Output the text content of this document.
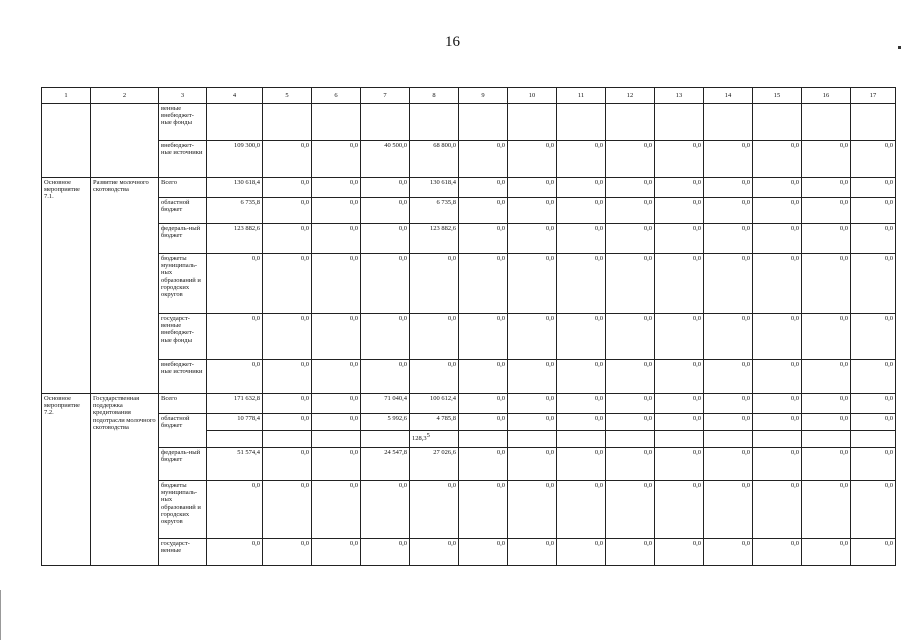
16
1	2	3	4	5	6	7	8	9	10	11	12	13	14	15	16	17
		венные внебюджет-ные фонды														
		внебюджет-ные источники	109 300,0	0,0	0,0	40 500,0	68 800,0	0,0	0,0	0,0	0,0	0,0	0,0	0,0	0,0	0,0
Основное мероприятие 7.1.	Развитие молочного скотоводства	Всего	130 618,4	0,0	0,0	0,0	130 618,4	0,0	0,0	0,0	0,0	0,0	0,0	0,0	0,0	0,0
		областной бюджет	6 735,8	0,0	0,0	0,0	6 735,8	0,0	0,0	0,0	0,0	0,0	0,0	0,0	0,0	0,0
		федераль-ный бюджет	123 882,6	0,0	0,0	0,0	123 882,6	0,0	0,0	0,0	0,0	0,0	0,0	0,0	0,0	0,0
		бюджеты муниципаль-ных образований и городских округов	0,0	0,0	0,0	0,0	0,0	0,0	0,0	0,0	0,0	0,0	0,0	0,0	0,0	0,0
		государст-венные внебюджет-ные фонды	0,0	0,0	0,0	0,0	0,0	0,0	0,0	0,0	0,0	0,0	0,0	0,0	0,0	0,0
		внебюджет-ные источники	0,0	0,0	0,0	0,0	0,0	0,0	0,0	0,0	0,0	0,0	0,0	0,0	0,0	0,0
Основное мероприятие 7.2.	Государственная поддержка кредитования подотрасли молочного скотоводства	Всего	171 632,8	0,0	0,0	71 040,4	100 612,4	0,0	0,0	0,0	0,0	0,0	0,0	0,0	0,0	0,0
		областной бюджет	10 778,4	0,0	0,0	5 992,6	4 785,8	0,0	0,0	0,0	0,0	0,0	0,0	0,0	0,0	0,0
							128,3$^5$									
		федераль-ный бюджет	51 574,4	0,0	0,0	24 547,8	27 026,6	0,0	0,0	0,0	0,0	0,0	0,0	0,0	0,0	0,0
		бюджеты муниципаль-ных образований и городских округов	0,0	0,0	0,0	0,0	0,0	0,0	0,0	0,0	0,0	0,0	0,0	0,0	0,0	0,0
		государст-венные	0,0	0,0	0,0	0,0	0,0	0,0	0,0	0,0	0,0	0,0	0,0	0,0	0,0	0,0
